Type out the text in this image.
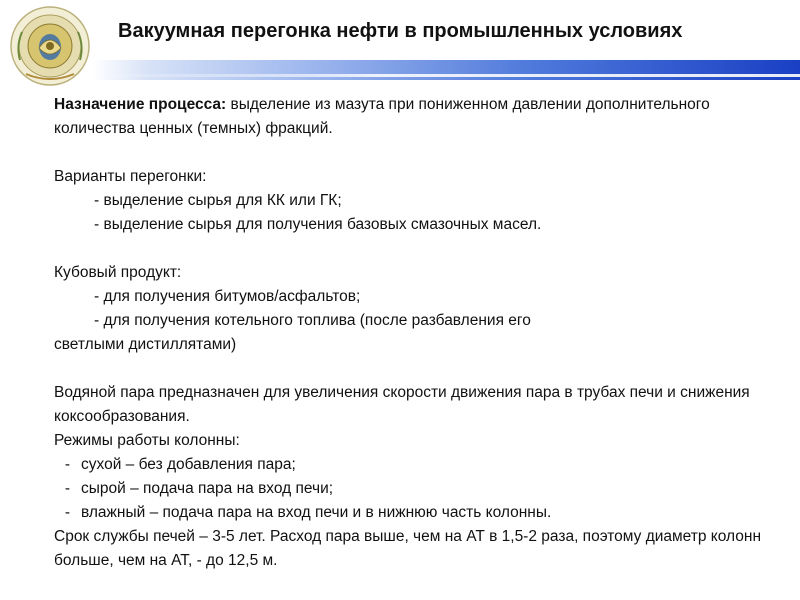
Вакуумная перегонка нефти в промышленных условиях

Назначение процесса: выделение из мазута при пониженном давлении дополнительного количества ценных (темных) фракций.

Варианты перегонки:

- выделение сырья для КК или ГК;

- выделение сырья для получения базовых смазочных масел.

Кубовый продукт:

- для получения битумов/асфальтов;

- для получения котельного топлива (после разбавления его

светлыми дистиллятами)

Водяной пара предназначен для увеличения скорости движения пара в трубах печи и снижения коксообразования.

Режимы работы колонны:

- сухой – без добавления пара;
- сырой – подача пара на вход печи;
- влажный – подача пара на вход печи и в нижнюю часть колонны.

Срок службы печей – 3-5 лет. Расход пара выше, чем на АТ в 1,5-2 раза, поэтому диаметр колонн больше, чем на АТ, - до 12,5 м.
